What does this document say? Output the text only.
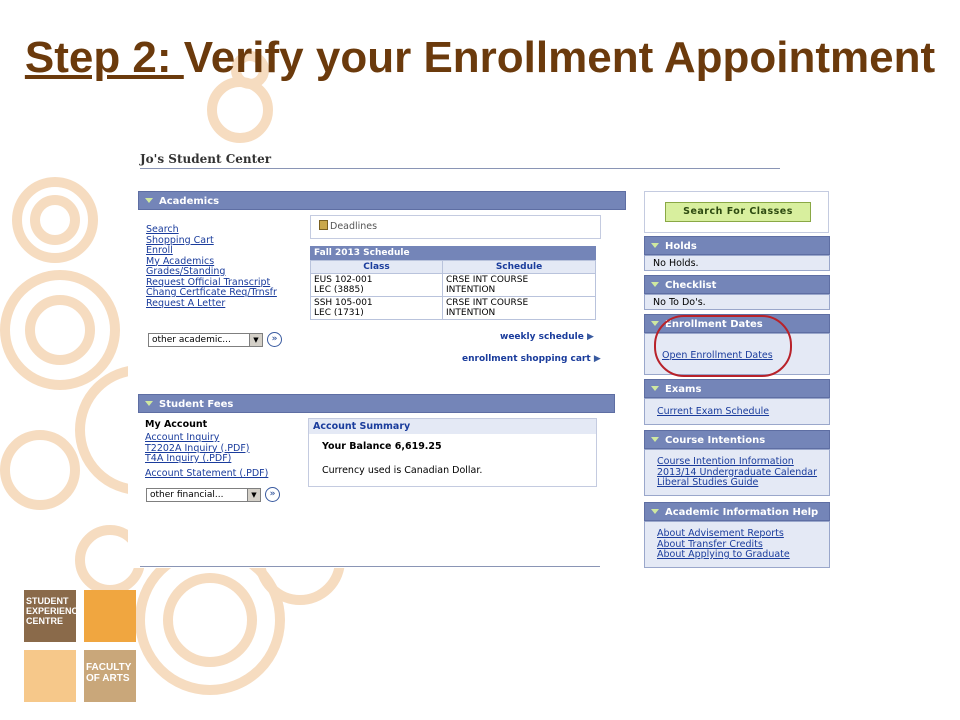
Step 2: Verify your Enrollment Appointment
STUDENT EXPERIENCE CENTRE
FACULTY OF ARTS
Jo's Student Center
Academics
Search
Shopping Cart
Enroll
My Academics
Grades/Standing
Request Official Transcript
Chang Certficate Req/Trnsfr
Request A Letter
other academic...	▼	»
Deadlines
Fall 2013 Schedule
Class	Schedule
EUS 102-001
LEC (3885)	CRSE INT COURSE
INTENTION
SSH 105-001
LEC (1731)	CRSE INT COURSE
INTENTION
weekly schedule ▶
enrollment shopping cart ▶
Student Fees
My Account
Account Inquiry
T2202A Inquiry (.PDF)
T4A Inquiry (.PDF)
Account Statement (.PDF)
other financial...	▼	»
Account Summary
Your Balance 6,619.25
Currency used is Canadian Dollar.
Search For Classes
Holds
No Holds.
Checklist
No To Do's.
Enrollment Dates
Open Enrollment Dates
Exams
Current Exam Schedule
Course Intentions
Course Intention Information
2013/14 Undergraduate Calendar
Liberal Studies Guide
Academic Information Help
About Advisement Reports
About Transfer Credits
About Applying to Graduate
